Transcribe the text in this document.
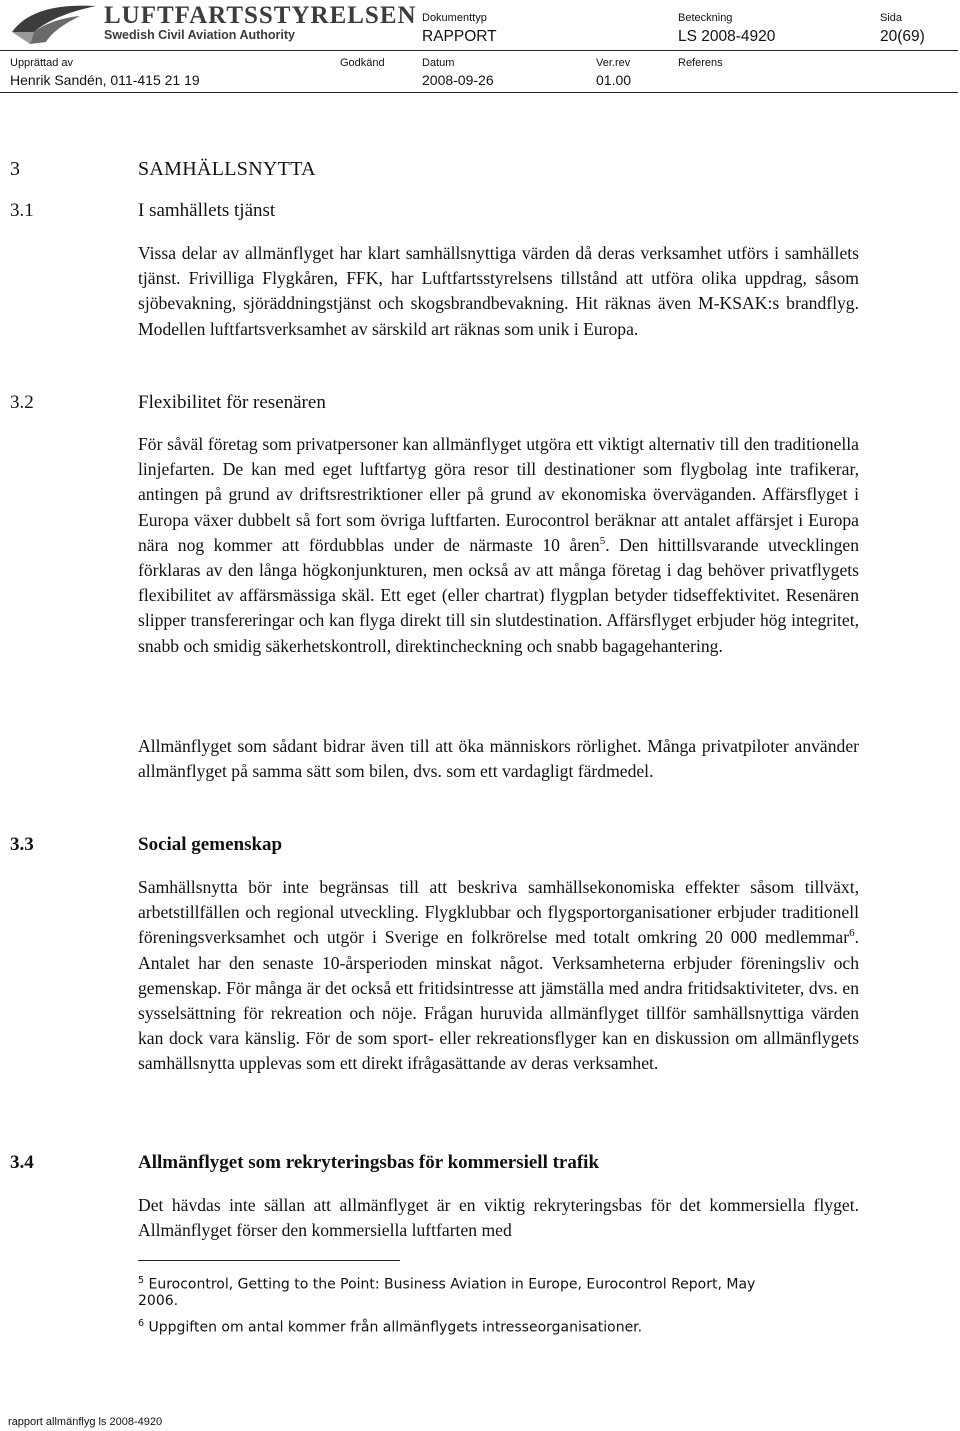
LUFTFARTSSTYRELSEN
Swedish Civil Aviation Authority
Dokumenttyp
RAPPORT
Beteckning
LS 2008-4920
Sida
20(69)
Upprättad av
Henrik Sandén, 011-415 21 19
Godkänd	Datum
2008-09-26
Ver.rev
01.00
Referens
3	SAMHÄLLSNYTTA
3.1	I samhällets tjänst
Vissa delar av allmänflyget har klart samhällsnyttiga värden då deras verksamhet utförs i samhällets tjänst. Frivilliga Flygkåren, FFK, har Luftfartsstyrelsens tillstånd att utföra olika uppdrag, såsom sjöbevakning, sjöräddningstjänst och skogsbrandbevakning. Hit räknas även M-KSAK:s brandflyg. Modellen luftfartsverksamhet av särskild art räknas som unik i Europa.
3.2	Flexibilitet för resenären
För såväl företag som privatpersoner kan allmänflyget utgöra ett viktigt alternativ till den traditionella linjefarten. De kan med eget luftfartyg göra resor till destinationer som flygbolag inte trafikerar, antingen på grund av driftsrestriktioner eller på grund av ekonomiska överväganden. Affärsflyget i Europa växer dubbelt så fort som övriga luftfarten. Eurocontrol beräknar att antalet affärsjet i Europa nära nog kommer att fördubblas under de närmaste 10 åren$^5$. Den hittillsvarande utvecklingen förklaras av den långa högkonjunkturen, men också av att många företag i dag behöver privatflygets flexibilitet av affärsmässiga skäl. Ett eget (eller chartrat) flygplan betyder tidseffektivitet. Resenären slipper transfereringar och kan flyga direkt till sin slutdestination. Affärsflyget erbjuder hög integritet, snabb och smidig säkerhetskontroll, direktincheckning och snabb bagagehantering.
Allmänflyget som sådant bidrar även till att öka människors rörlighet. Många privatpiloter använder allmänflyget på samma sätt som bilen, dvs. som ett vardagligt färdmedel.
3.3	Social gemenskap
Samhällsnytta bör inte begränsas till att beskriva samhällsekonomiska effekter såsom tillväxt, arbetstillfällen och regional utveckling. Flygklubbar och flygsportorganisationer erbjuder traditionell föreningsverksamhet och utgör i Sverige en folkrörelse med totalt omkring 20 000 medlemmar$^6$. Antalet har den senaste 10-årsperioden minskat något. Verksamheterna erbjuder föreningsliv och gemenskap. För många är det också ett fritidsintresse att jämställa med andra fritidsaktiviteter, dvs. en sysselsättning för rekreation och nöje. Frågan huruvida allmänflyget tillför samhällsnyttiga värden kan dock vara känslig. För de som sport- eller rekreationsflyger kan en diskussion om allmänflygets samhällsnytta upplevas som ett direkt ifrågasättande av deras verksamhet.
3.4	Allmänflyget som rekryteringsbas för kommersiell trafik
Det hävdas inte sällan att allmänflyget är en viktig rekryteringsbas för det kommersiella flyget. Allmänflyget förser den kommersiella luftfarten med
$^5$ Eurocontrol, Getting to the Point: Business Aviation in Europe, Eurocontrol Report, May
2006.
$^6$ Uppgiften om antal kommer från allmänflygets intresseorganisationer.
rapport allmänflyg ls 2008-4920
